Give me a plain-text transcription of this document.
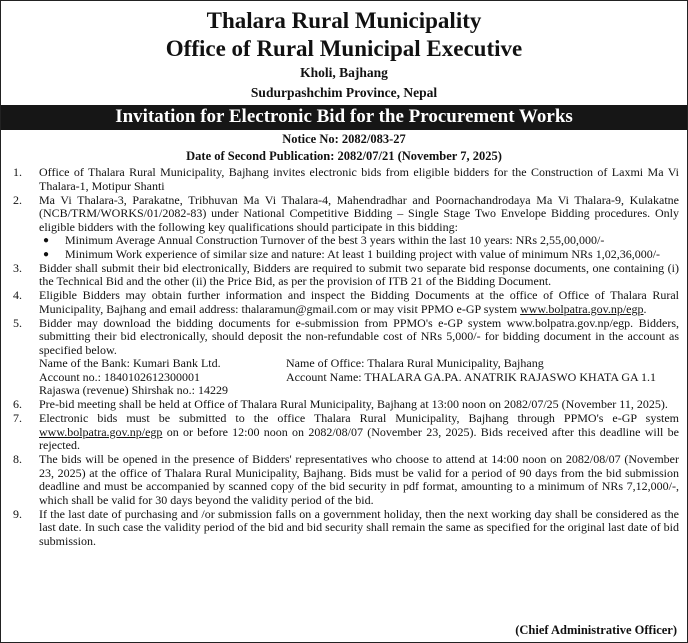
Thalara Rural Municipality
Office of Rural Municipal Executive
Kholi, Bajhang
Sudurpashchim Province, Nepal
Invitation for Electronic Bid for the Procurement Works
Notice No: 2082/083-27
Date of Second Publication: 2082/07/21 (November 7, 2025)
1.	Office of Thalara Rural Municipality, Bajhang invites electronic bids from eligible bidders for the Construction of Laxmi Ma Vi Thalara-1, Motipur Shanti
2.	Ma Vi Thalara-3, Parakatne, Tribhuvan Ma Vi Thalara-4, Mahendradhar and Poornachandrodaya Ma Vi Thalara-9, Kulakatne (NCB/TRM/WORKS/01/2082-83) under National Competitive Bidding – Single Stage Two Envelope Bidding procedures. Only eligible bidders with the following key qualifications should participate in this bidding:
●	Minimum Average Annual Construction Turnover of the best 3 years within the last 10 years: NRs 2,55,00,000/-
●	Minimum Work experience of similar size and nature: At least 1 building project with value of minimum NRs 1,02,36,000/-
3.	Bidder shall submit their bid electronically, Bidders are required to submit two separate bid response documents, one containing (i) the Technical Bid and the other (ii) the Price Bid, as per the provision of ITB 21 of the Bidding Document.
4.	Eligible Bidders may obtain further information and inspect the Bidding Documents at the office of Office of Thalara Rural Municipality, Bajhang and email address: thalaramun@gmail.com or may visit PPMO e-GP system www.bolpatra.gov.np/egp.
5.	Bidder may download the bidding documents for e-submission from PPMO's e-GP system www.bolpatra.gov.np/egp. Bidders, submitting their bid electronically, should deposit the non-refundable cost of NRs 5,000/- for bidding document in the account as specified below.
Name of the Bank: Kumari Bank Ltd.	Name of Office: Thalara Rural Municipality, Bajhang
Account no.: 1840102612300001	Account Name: THALARA GA.PA. ANATRIK RAJASWO KHATA GA 1.1
Rajaswa (revenue) Shirshak no.: 14229
6.	Pre-bid meeting shall be held at Office of Thalara Rural Municipality, Bajhang at 13:00 noon on 2082/07/25 (November 11, 2025).
7.	Electronic bids must be submitted to the office Thalara Rural Municipality, Bajhang through PPMO's e-GP system www.bolpatra.gov.np/egp on or before 12:00 noon on 2082/08/07 (November 23, 2025). Bids received after this deadline will be rejected.
8.	The bids will be opened in the presence of Bidders' representatives who choose to attend at 14:00 noon on 2082/08/07 (November 23, 2025) at the office of Thalara Rural Municipality, Bajhang. Bids must be valid for a period of 90 days from the bid submission deadline and must be accompanied by scanned copy of the bid security in pdf format, amounting to a minimum of NRs 7,12,000/-, which shall be valid for 30 days beyond the validity period of the bid.
9.	If the last date of purchasing and /or submission falls on a government holiday, then the next working day shall be considered as the last date. In such case the validity period of the bid and bid security shall remain the same as specified for the original last date of bid submission.
(Chief Administrative Officer)
